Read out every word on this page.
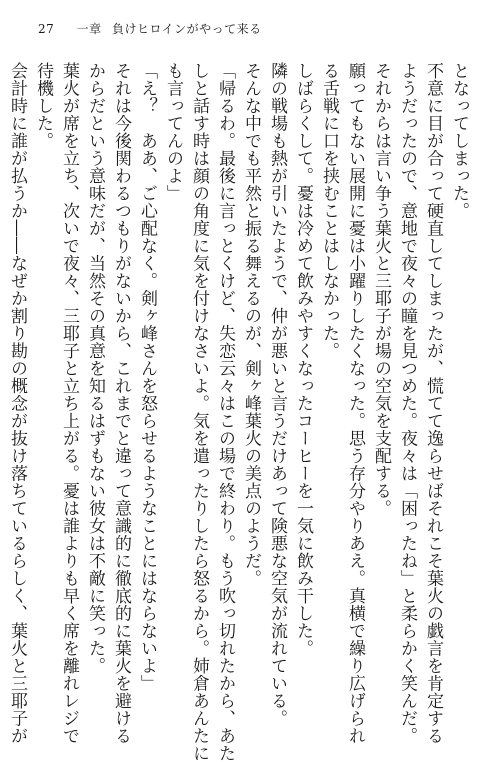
27 一章 負けヒロインがやって来る

となってしまった。

不意に目が合って硬直してしまったが、慌てて逸らせばそれこそ葉火の戯言を肯定する

ようだったので、意地で夜々の瞳を見つめた。夜々は「困ったね」と柔らかく笑んだ。

それからは言い争う葉火と三耶子が場の空気を支配する。

願ってもない展開に憂は小躍りしたくなった。思う存分やりあえ。真横で繰り広げられ

る舌戦に口を挟むことはしなかった。

しばらくして。憂は冷めて飲みやすくなったコーヒーを一気に飲み干した。

隣の戦場も熱が引いたようで、仲が悪いと言うだけあって険悪な空気が流れている。

そんな中でも平然と振る舞えるのが、剣ヶ峰葉火の美点のようだ。

「帰るわ。最後に言っとくけど、失恋云々はこの場で終わり。もう吹っ切れたから、あた

しと話す時は顔の角度に気を付けなさいよ。気を遣ったりしたら怒るから。姉倉あんたに

も言ってんのよ」

「え？　ああ、ご心配なく。剣ヶ峰さんを怒らせるようなことにはならないよ」

それは今後関わるつもりがないから、これまでと違って意識的に徹底的に葉火を避ける

からだという意味だが、当然その真意を知るはずもない彼女は不敵に笑った。

葉火が席を立ち、次いで夜々、三耶子と立ち上がる。憂は誰よりも早く席を離れレジで

待機した。

会計時に誰が払うか――なぜか割り勘の概念が抜け落ちているらしく、葉火と三耶子が
